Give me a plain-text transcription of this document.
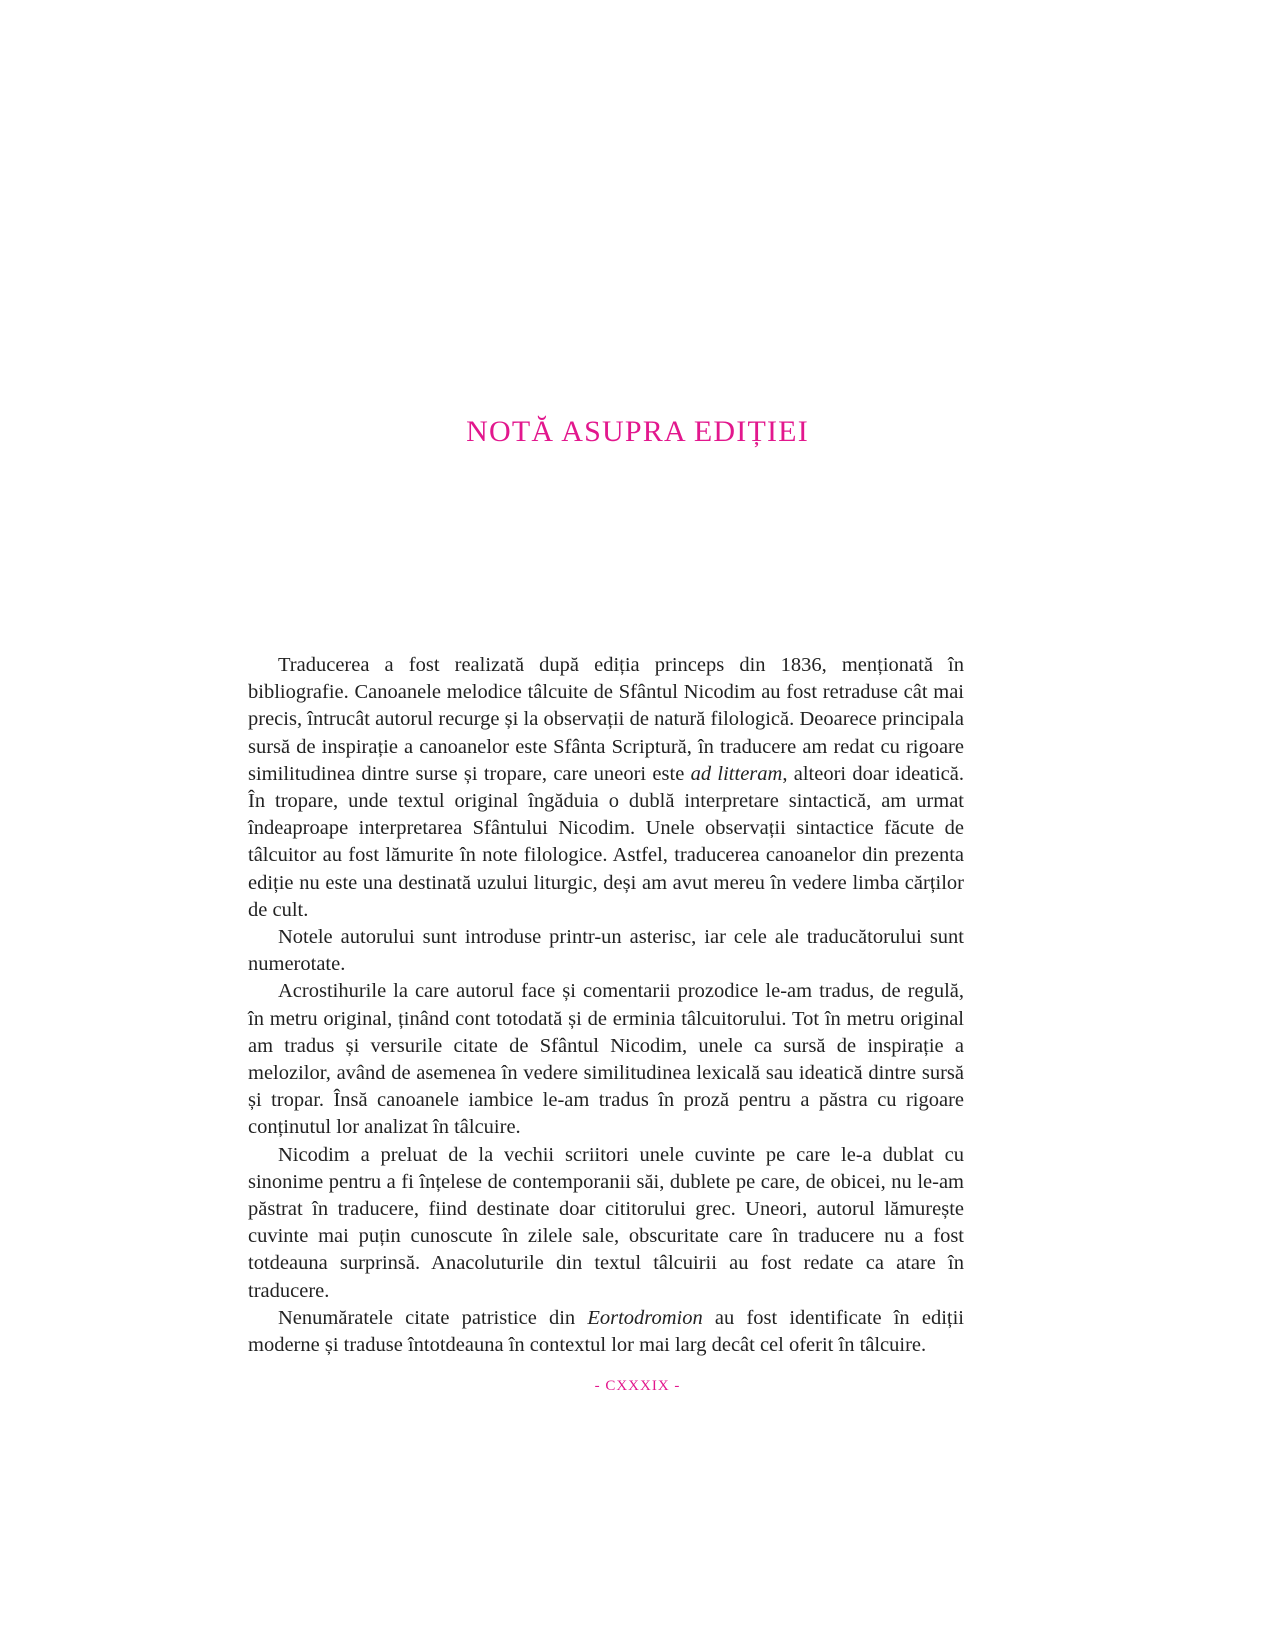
NOTĂ ASUPRA EDIȚIEI

Traducerea a fost realizată după ediția princeps din 1836, menționată în bibliografie. Canoanele melodice tâlcuite de Sfântul Nicodim au fost retraduse cât mai precis, întrucât autorul recurge și la observații de natură filologică. Deoarece principala sursă de inspirație a canoanelor este Sfânta Scriptură, în traducere am redat cu rigoare similitudinea dintre surse și tropare, care uneori este ad litteram, alteori doar ideatică. În tropare, unde textul original îngăduia o dublă interpretare sintactică, am urmat îndeaproape interpretarea Sfântului Nicodim. Unele observații sintactice făcute de tâlcuitor au fost lămurite în note filologice. Astfel, traducerea canoanelor din prezenta ediție nu este una destinată uzului liturgic, deși am avut mereu în vedere limba cărților de cult.

Notele autorului sunt introduse printr-un asterisc, iar cele ale traducătorului sunt numerotate.

Acrostihurile la care autorul face și comentarii prozodice le-am tradus, de regulă, în metru original, ținând cont totodată și de erminia tâlcuitorului. Tot în metru original am tradus și versurile citate de Sfântul Nicodim, unele ca sursă de inspirație a melozilor, având de asemenea în vedere similitudinea lexicală sau ideatică dintre sursă și tropar. Însă canoanele iambice le-am tradus în proză pentru a păstra cu rigoare conținutul lor analizat în tâlcuire.

Nicodim a preluat de la vechii scriitori unele cuvinte pe care le-a dublat cu sinonime pentru a fi înțelese de contemporanii săi, dublete pe care, de obicei, nu le-am păstrat în traducere, fiind destinate doar cititorului grec. Uneori, autorul lămurește cuvinte mai puțin cunoscute în zilele sale, obscuritate care în traducere nu a fost totdeauna surprinsă. Anacoluturile din textul tâlcuirii au fost redate ca atare în traducere.

Nenumăratele citate patristice din Eortodromion au fost identificate în ediții moderne și traduse întotdeauna în contextul lor mai larg decât cel oferit în tâlcuire.

- CXXXIX -
